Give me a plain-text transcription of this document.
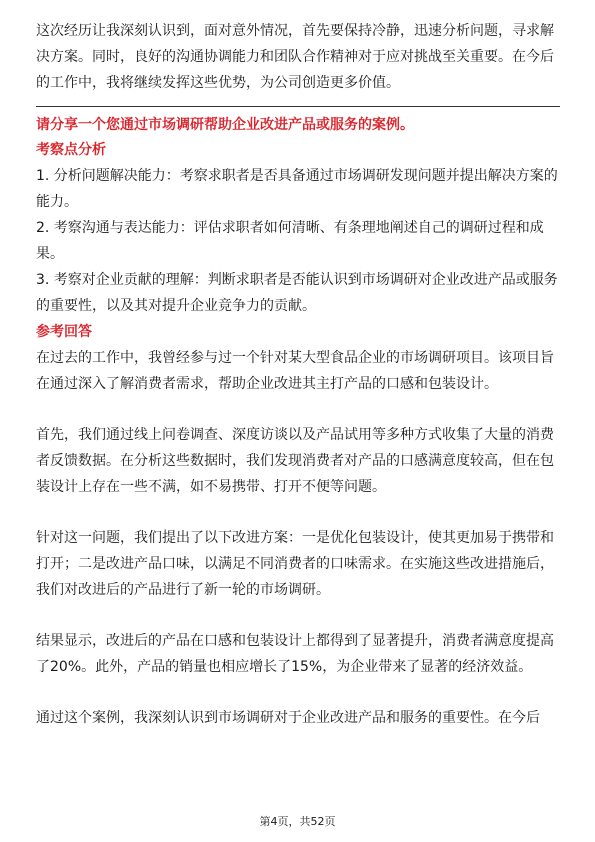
这次经历让我深刻认识到，面对意外情况，首先要保持冷静，迅速分析问题，寻求解决方案。同时，良好的沟通协调能力和团队合作精神对于应对挑战至关重要。在今后的工作中，我将继续发挥这些优势，为公司创造更多价值。

请分享一个您通过市场调研帮助企业改进产品或服务的案例。
考察点分析

1. 分析问题解决能力：考察求职者是否具备通过市场调研发现问题并提出解决方案的能力。

2. 考察沟通与表达能力：评估求职者如何清晰、有条理地阐述自己的调研过程和成果。

3. 考察对企业贡献的理解：判断求职者是否能认识到市场调研对企业改进产品或服务的重要性，以及其对提升企业竞争力的贡献。

参考回答

在过去的工作中，我曾经参与过一个针对某大型食品企业的市场调研项目。该项目旨在通过深入了解消费者需求，帮助企业改进其主打产品的口感和包装设计。

首先，我们通过线上问卷调查、深度访谈以及产品试用等多种方式收集了大量的消费者反馈数据。在分析这些数据时，我们发现消费者对产品的口感满意度较高，但在包装设计上存在一些不满，如不易携带、打开不便等问题。

针对这一问题，我们提出了以下改进方案：一是优化包装设计，使其更加易于携带和打开；二是改进产品口味，以满足不同消费者的口味需求。在实施这些改进措施后，我们对改进后的产品进行了新一轮的市场调研。

结果显示，改进后的产品在口感和包装设计上都得到了显著提升，消费者满意度提高了20%。此外，产品的销量也相应增长了15%，为企业带来了显著的经济效益。

通过这个案例，我深刻认识到市场调研对于企业改进产品和服务的重要性。在今后

第4页，共52页
